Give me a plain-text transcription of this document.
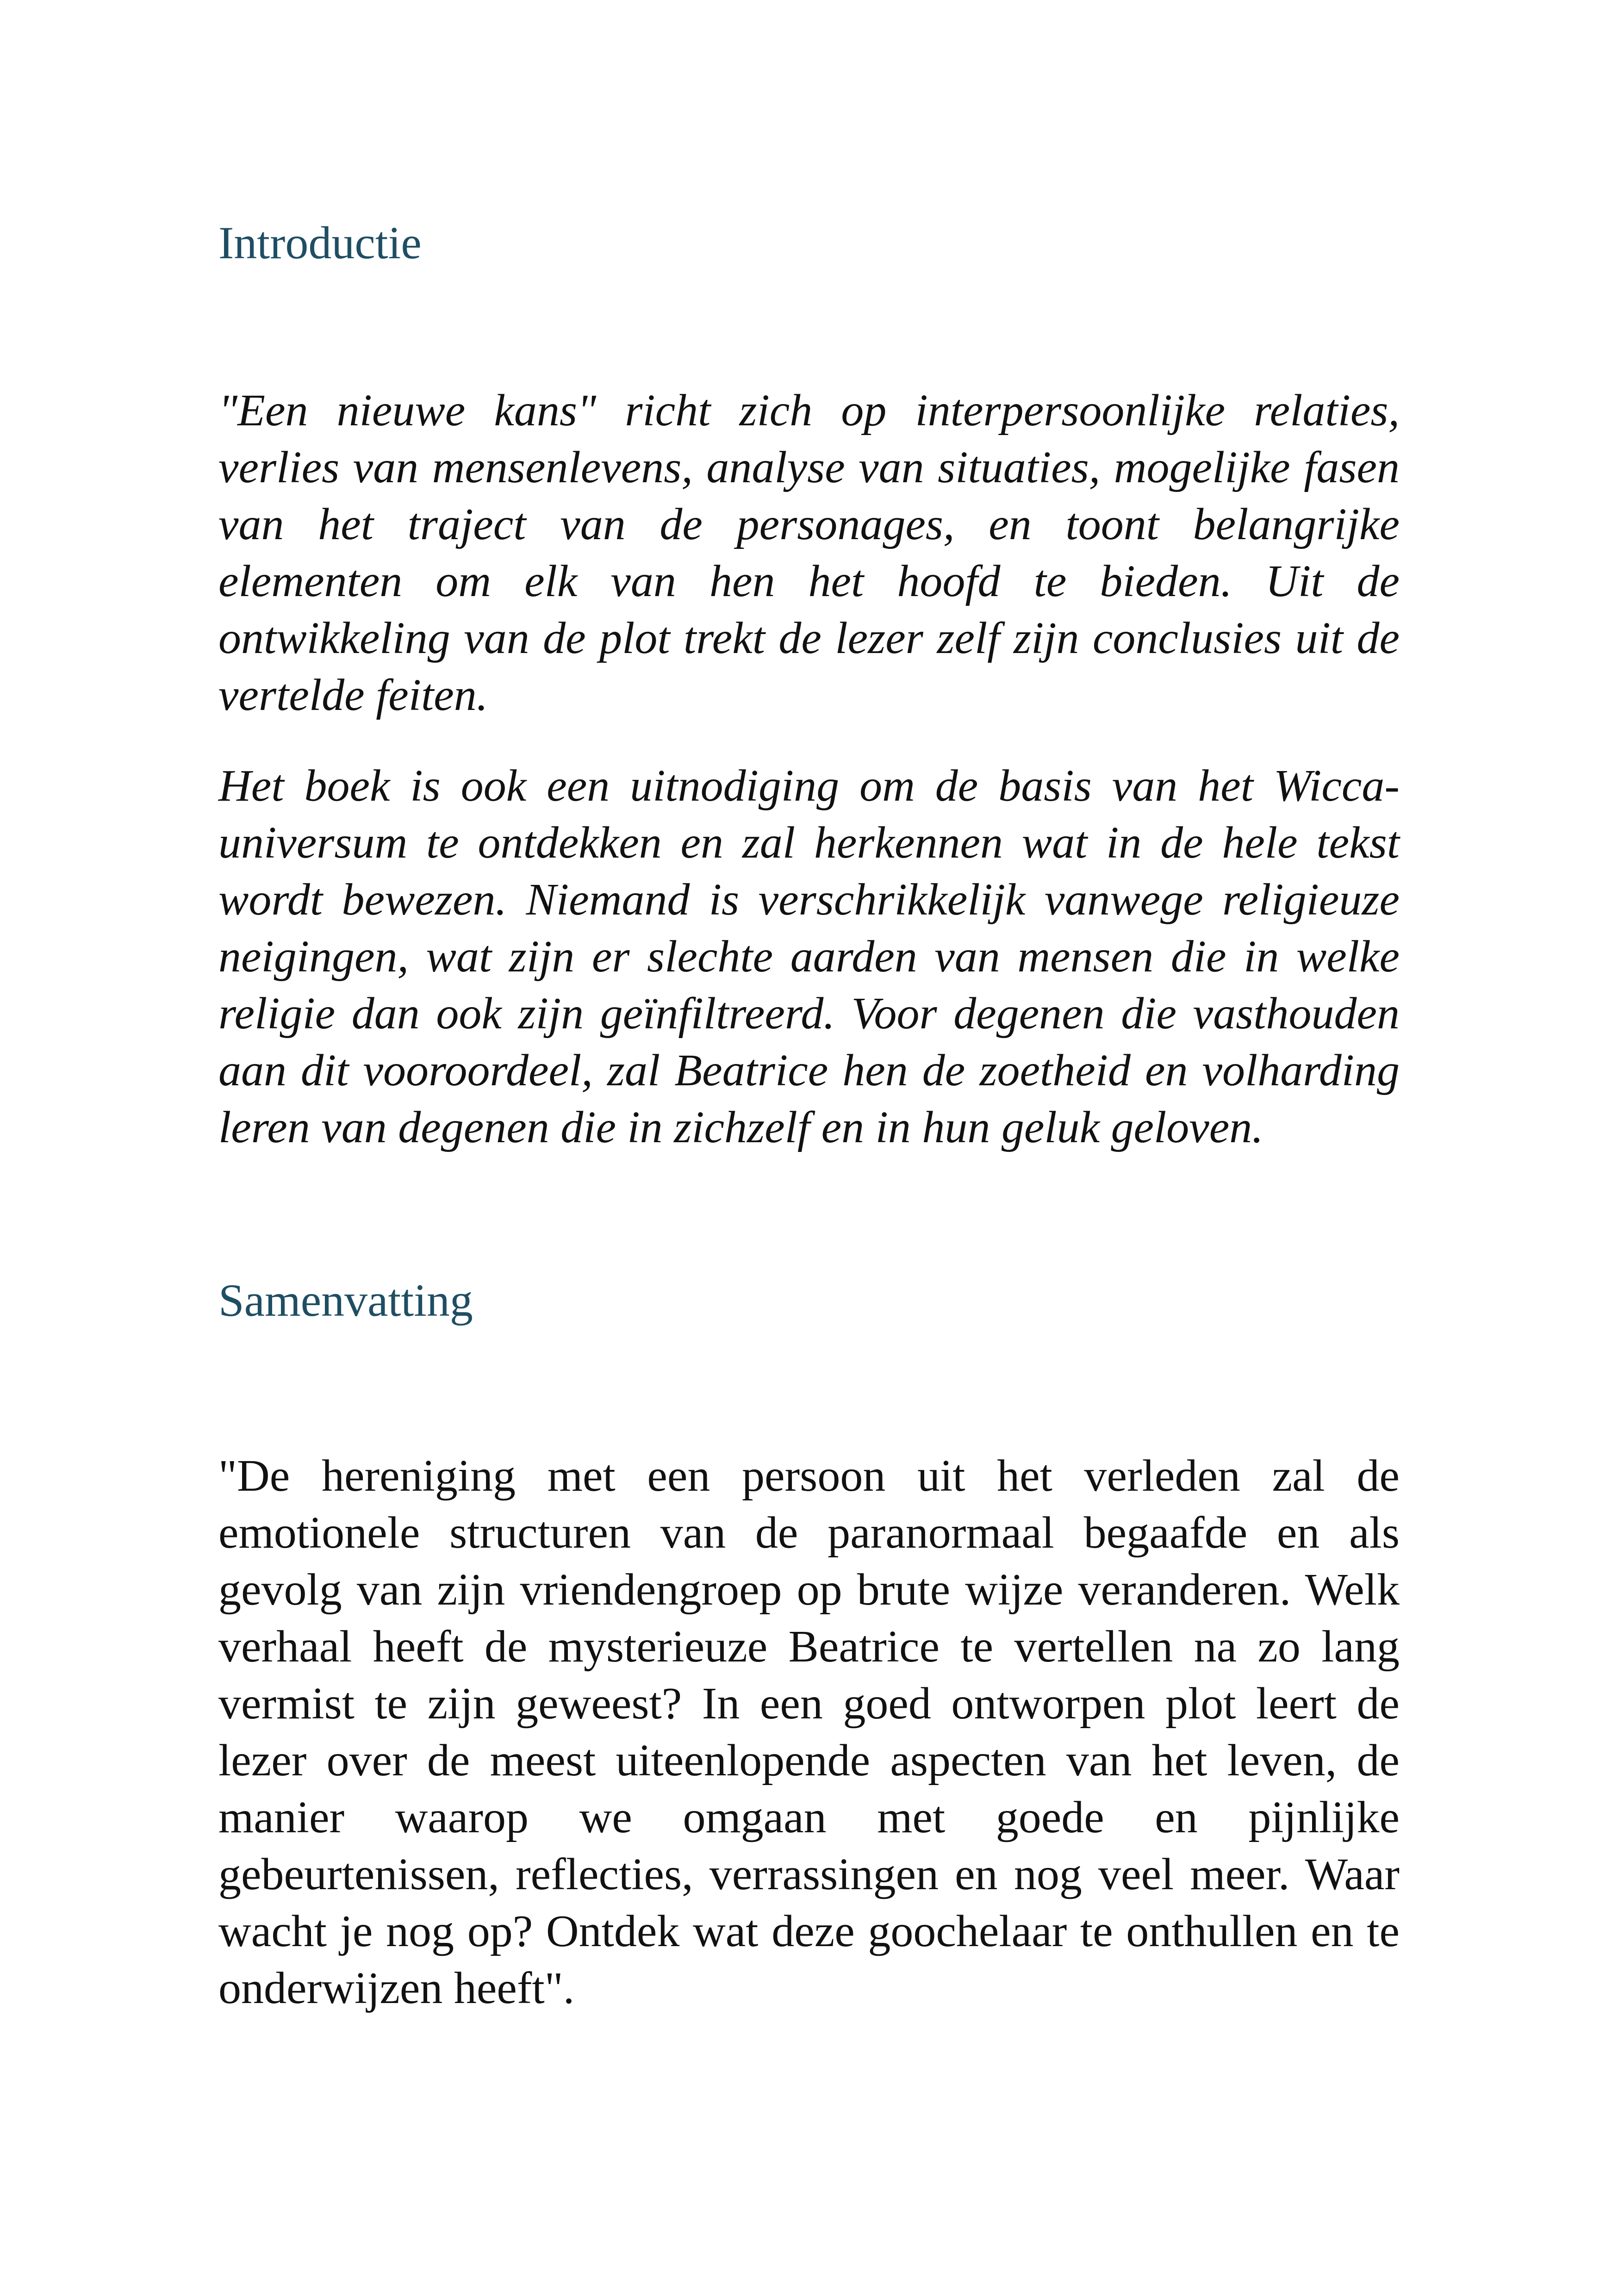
Introductie

"Een nieuwe kans" richt zich op interpersoonlijke relaties, verlies van mensenlevens, analyse van situaties, mogelijke fasen van het traject van de personages, en toont belangrijke elementen om elk van hen het hoofd te bieden. Uit de ontwikkeling van de plot trekt de lezer zelf zijn conclusies uit de vertelde feiten.

Het boek is ook een uitnodiging om de basis van het Wicca-universum te ontdekken en zal herkennen wat in de hele tekst wordt bewezen. Niemand is verschrikkelijk vanwege religieuze neigingen, wat zijn er slechte aarden van mensen die in welke religie dan ook zijn geïnfiltreerd. Voor degenen die vasthouden aan dit vooroordeel, zal Beatrice hen de zoetheid en volharding leren van degenen die in zichzelf en in hun geluk geloven.

Samenvatting

"De hereniging met een persoon uit het verleden zal de emotionele structuren van de paranormaal begaafde en als gevolg van zijn vriendengroep op brute wijze veranderen. Welk verhaal heeft de mysterieuze Beatrice te vertellen na zo lang vermist te zijn geweest? In een goed ontworpen plot leert de lezer over de meest uiteenlopende aspecten van het leven, de manier waarop we omgaan met goede en pijnlijke gebeurtenissen, reflecties, verrassingen en nog veel meer. Waar wacht je nog op? Ontdek wat deze goochelaar te onthullen en te onderwijzen heeft".
